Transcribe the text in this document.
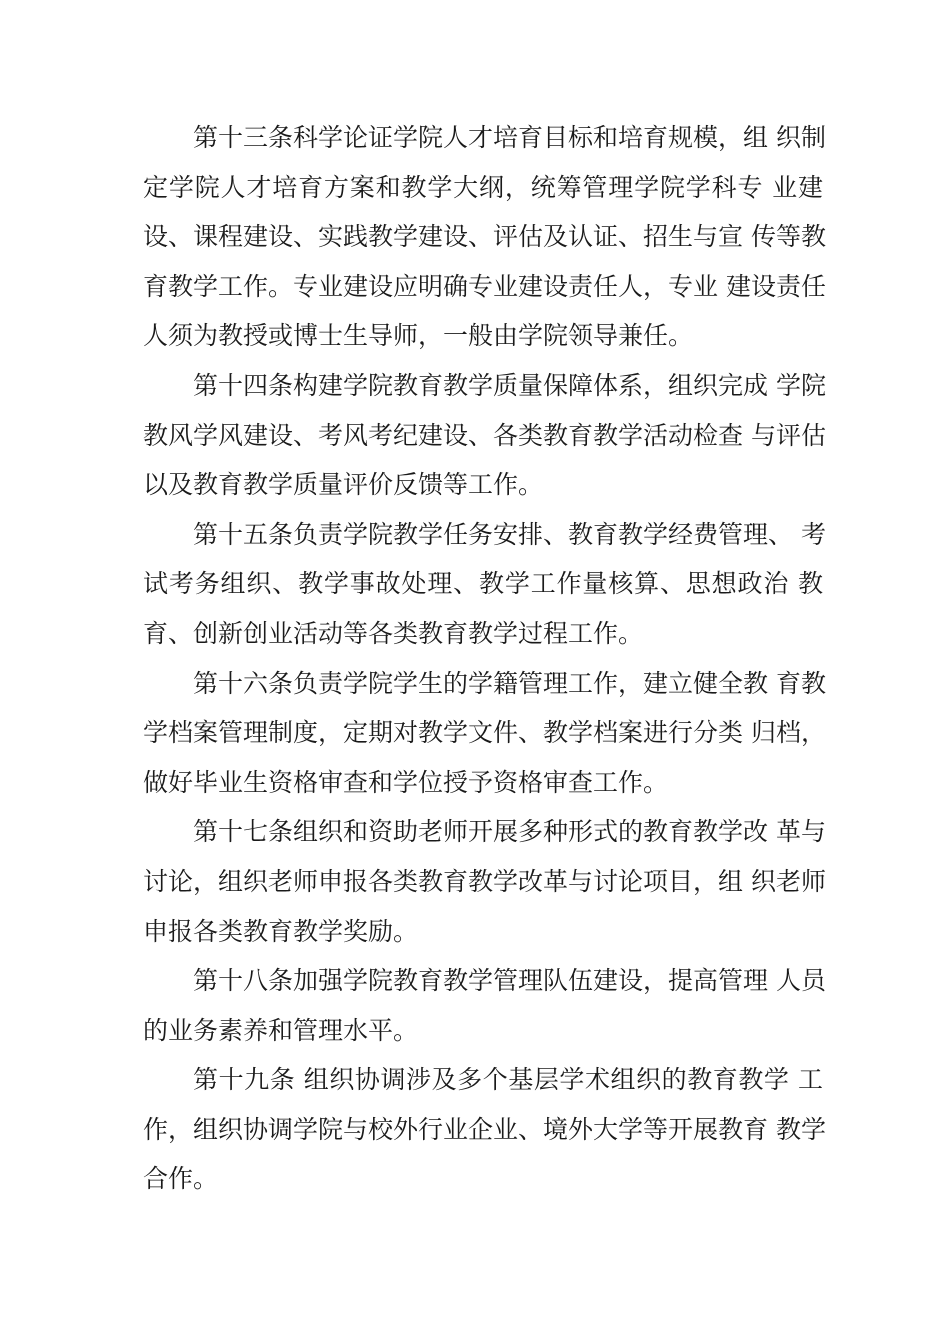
第十三条科学论证学院人才培育目标和培育规模，组 织制
定学院人才培育方案和教学大纲，统筹管理学院学科专 业建
设、课程建设、实践教学建设、评估及认证、招生与宣 传等教
育教学工作。专业建设应明确专业建设责任人，专业 建设责任
人须为教授或博士生导师，一般由学院领导兼任。
第十四条构建学院教育教学质量保障体系，组织完成 学院
教风学风建设、考风考纪建设、各类教育教学活动检查 与评估
以及教育教学质量评价反馈等工作。
第十五条负责学院教学任务安排、教育教学经费管理、 考
试考务组织、教学事故处理、教学工作量核算、思想政治 教
育、创新创业活动等各类教育教学过程工作。
第十六条负责学院学生的学籍管理工作，建立健全教 育教
学档案管理制度，定期对教学文件、教学档案进行分类 归档，
做好毕业生资格审查和学位授予资格审查工作。
第十七条组织和资助老师开展多种形式的教育教学改 革与
讨论，组织老师申报各类教育教学改革与讨论项目，组 织老师
申报各类教育教学奖励。
第十八条加强学院教育教学管理队伍建设，提高管理 人员
的业务素养和管理水平。
第十九条 组织协调涉及多个基层学术组织的教育教学 工
作，组织协调学院与校外行业企业、境外大学等开展教育 教学
合作。
